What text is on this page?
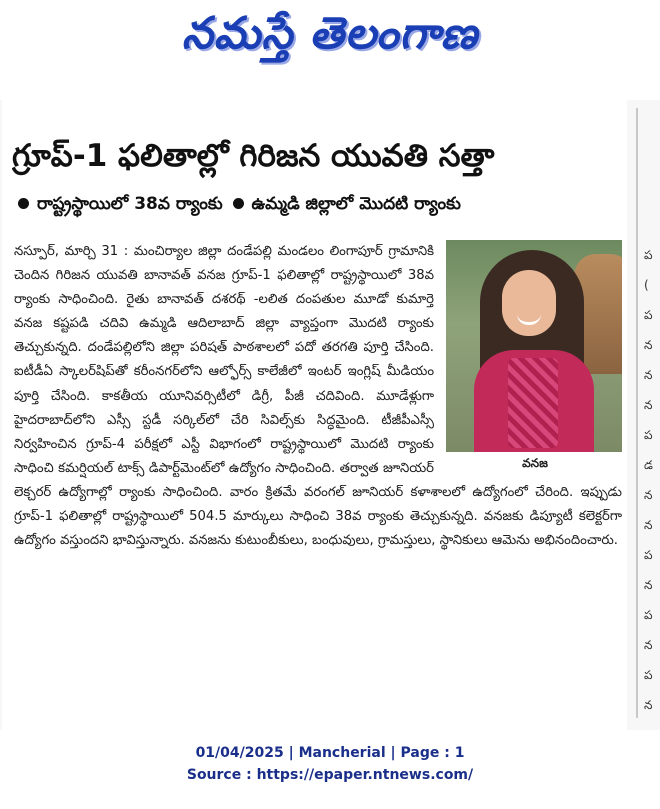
నమస్తే తెలంగాణ
గ్రూప్-1 ఫలితాల్లో గిరిజన యువతి సత్తా
రాష్ట్రస్థాయిలో 38వ ర్యాంకు ఉమ్మడి జిల్లాలో మొదటి ర్యాంకు
వనజ
నస్పూర్, మార్చి 31 : మంచిర్యాల జిల్లా దండేపల్లి మండలం లింగాపూర్ గ్రామానికి చెందిన గిరిజన యువతి బానావత్ వనజ గ్రూప్-1 ఫలితాల్లో రాష్ట్రస్థాయిలో 38వ ర్యాంకు సాధించింది. రైతు బానావత్ దశరథ్ -లలిత దంపతుల మూడో కుమార్తె వనజ కష్టపడి చదివి ఉమ్మడి ఆదిలాబాద్ జిల్లా వ్యాప్తంగా మొదటి ర్యాంకు తెచ్చుకున్నది. దండేపల్లిలోని జిల్లా పరిషత్ పాఠశాలలో పదో తరగతి పూర్తి చేసింది. ఐటీడీఏ స్కాలర్‌షిప్‌తో కరీంనగర్‌లోని ఆల్ఫోర్స్ కాలేజీలో ఇంటర్ ఇంగ్లిష్ మీడియం పూర్తి చేసింది. కాకతీయ యూనివర్సిటీలో డిగ్రీ, పీజీ చదివింది. మూడేళ్లుగా హైదరాబాద్‌లోని ఎస్సీ స్టడీ సర్కిల్‌లో చేరి సివిల్స్‌కు సిద్ధమైంది. టీజీపీఎస్సీ నిర్వహించిన గ్రూప్-4 పరీక్షలో ఎస్టీ విభాగంలో రాష్ట్రస్థాయిలో మొదటి ర్యాంకు సాధించి కమర్షియల్ టాక్స్ డిపార్ట్‌మెంట్‌లో ఉద్యోగం సాధించింది. తర్వాత జూనియర్ లెక్చరర్ ఉద్యోగాల్లో ర్యాంకు సాధించింది. వారం క్రితమే వరంగల్ జూనియర్ కళాశాలలో ఉద్యోగంలో చేరింది. ఇప్పుడు గ్రూప్-1 ఫలితాల్లో రాష్ట్రస్థాయిలో 504.5 మార్కులు సాధించి 38వ ర్యాంకు తెచ్చుకున్నది. వనజకు డిప్యూటీ కలెక్టర్‌గా ఉద్యోగం వస్తుందని భావిస్తున్నారు. వనజను కుటుంబీకులు, బంధువులు, గ్రామస్తులు, స్థానికులు ఆమెను అభినందించారు.
ప
(
ప
న
న
న
ప
డ
న
న
ప
న
ప
న
ప
న
01/04/2025 | Mancherial | Page : 1
Source : https://epaper.ntnews.com/
